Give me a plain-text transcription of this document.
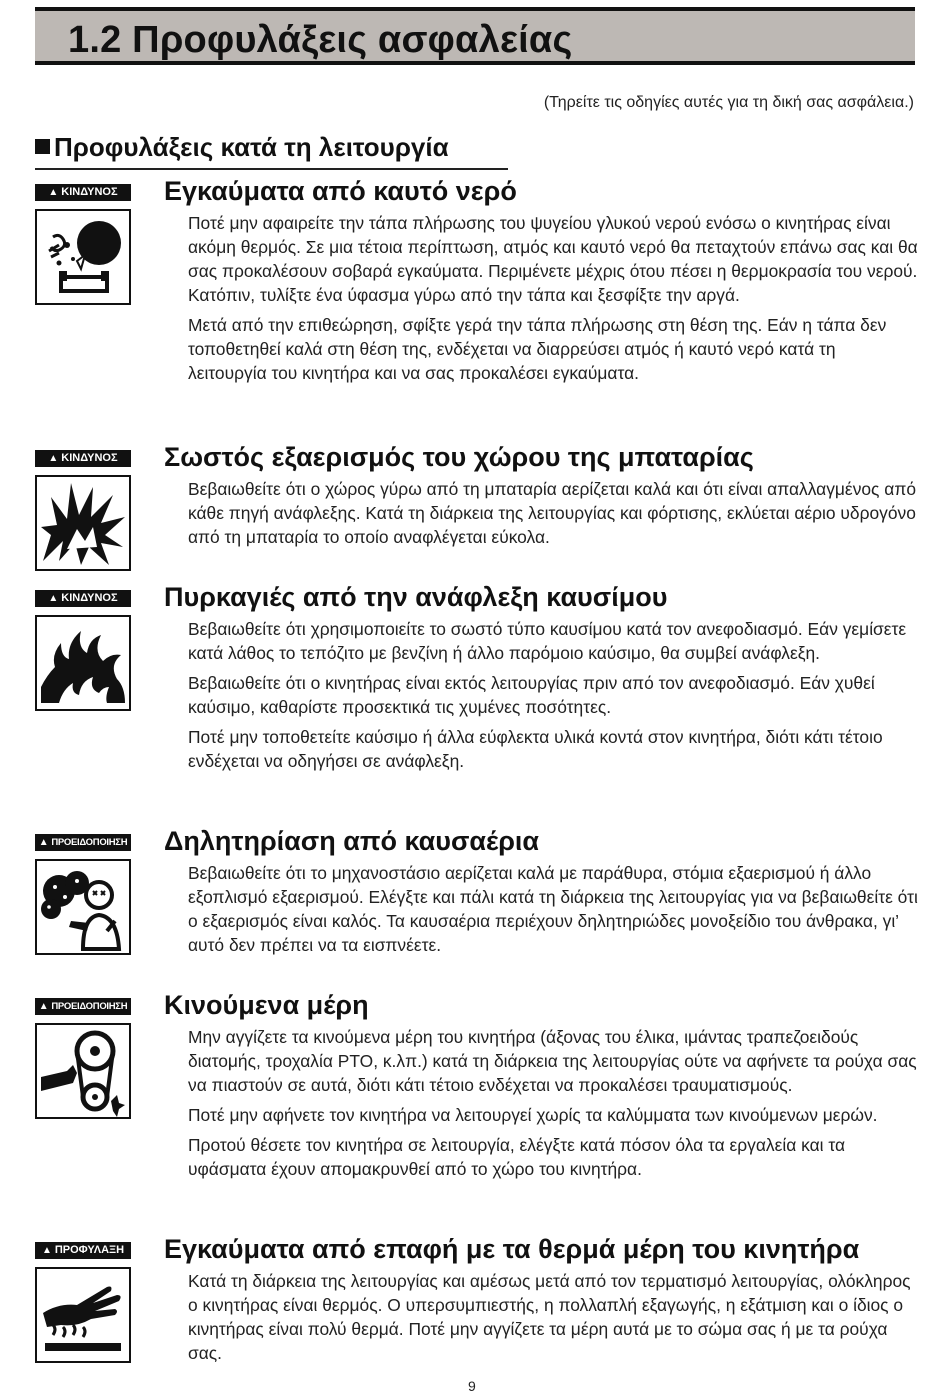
1.2 Προφυλάξεις ασφαλείας
(Τηρείτε τις οδηγίες αυτές για τη δική σας ασφάλεια.)
Προφυλάξεις κατά τη λειτουργία
▲ ΚΙΝΔΥΝΟΣ	Εγκαύματα από καυτό νερό

Ποτέ μην αφαιρείτε την τάπα πλήρωσης του ψυγείου γλυκού νερού ενόσω ο κινητήρας είναι ακόμη θερμός. Σε μια τέτοια περίπτωση, ατμός και καυτό νερό θα πεταχτούν επάνω σας και θα σας προκαλέσουν σοβαρά εγκαύματα. Περιμένετε μέχρις ότου πέσει η θερμοκρασία του νερού. Κατόπιν, τυλίξτε ένα ύφασμα γύρω από την τάπα και ξεσφίξτε την αργά.

Μετά από την επιθεώρηση, σφίξτε γερά την τάπα πλήρωσης στη θέση της. Εάν η τάπα δεν τοποθετηθεί καλά στη θέση της, ενδέχεται να διαρρεύσει ατμός ή καυτό νερό κατά τη λειτουργία του κινητήρα και να σας προκαλέσει εγκαύματα.

▲ ΚΙΝΔΥΝΟΣ	Σωστός εξαερισμός του χώρου της μπαταρίας

Βεβαιωθείτε ότι ο χώρος γύρω από τη μπαταρία αερίζεται καλά και ότι είναι απαλλαγμένος από κάθε πηγή ανάφλεξης. Κατά τη διάρκεια της λειτουργίας και φόρτισης, εκλύεται αέριο υδρογόνο από τη μπαταρία το οποίο αναφλέγεται εύκολα.

▲ ΚΙΝΔΥΝΟΣ	Πυρκαγιές από την ανάφλεξη καυσίμου

Βεβαιωθείτε ότι χρησιμοποιείτε το σωστό τύπο καυσίμου κατά τον ανεφοδιασμό. Εάν γεμίσετε κατά λάθος το τεπόζιτο με βενζίνη ή άλλο παρόμοιο καύσιμο, θα συμβεί ανάφλεξη.

Βεβαιωθείτε ότι ο κινητήρας είναι εκτός λειτουργίας πριν από τον ανεφοδιασμό. Εάν χυθεί καύσιμο, καθαρίστε προσεκτικά τις χυμένες ποσότητες.

Ποτέ μην τοποθετείτε καύσιμο ή άλλα εύφλεκτα υλικά κοντά στον κινητήρα, διότι κάτι τέτοιο ενδέχεται να οδηγήσει σε ανάφλεξη.

▲ ΠΡΟΕΙΔΟΠΟΙΗΣΗ Δηλητηρίαση από καυσαέρια

Βεβαιωθείτε ότι το μηχανοστάσιο αερίζεται καλά με παράθυρα, στόμια εξαερισμού ή άλλο εξοπλισμό εξαερισμού. Ελέγξτε και πάλι κατά τη διάρκεια της λειτουργίας για να βεβαιωθείτε ότι ο εξαερισμός είναι καλός. Τα καυσαέρια περιέχουν δηλητηριώδες μονοξείδιο του άνθρακα, γι’ αυτό δεν πρέπει να τα εισπνέετε.

▲ ΠΡΟΕΙΔΟΠΟΙΗΣΗ Κινούμενα μέρη

Μην αγγίζετε τα κινούμενα μέρη του κινητήρα (άξονας του έλικα, ιμάντας τραπεζοειδούς διατομής, τροχαλία PTO, κ.λπ.) κατά τη διάρκεια της λειτουργίας ούτε να αφήνετε τα ρούχα σας να πιαστούν σε αυτά, διότι κάτι τέτοιο ενδέχεται να προκαλέσει τραυματισμούς.

Ποτέ μην αφήνετε τον κινητήρα να λειτουργεί χωρίς τα καλύμματα των κινούμενων μερών.

Προτού θέσετε τον κινητήρα σε λειτουργία, ελέγξτε κατά πόσον όλα τα εργαλεία και τα υφάσματα έχουν απομακρυνθεί από το χώρο του κινητήρα.

▲ ΠΡΟΦΥΛΑΞΗ Εγκαύματα από επαφή με τα θερμά μέρη του κινητήρα

Κατά τη διάρκεια της λειτουργίας και αμέσως μετά από τον τερματισμό λειτουργίας, ολόκληρος ο κινητήρας είναι θερμός. Ο υπερσυμπιεστής, η πολλαπλή εξαγωγής, η εξάτμιση και ο ίδιος ο κινητήρας είναι πολύ θερμά. Ποτέ μην αγγίζετε τα μέρη αυτά με το σώμα σας ή με τα ρούχα σας.

9
